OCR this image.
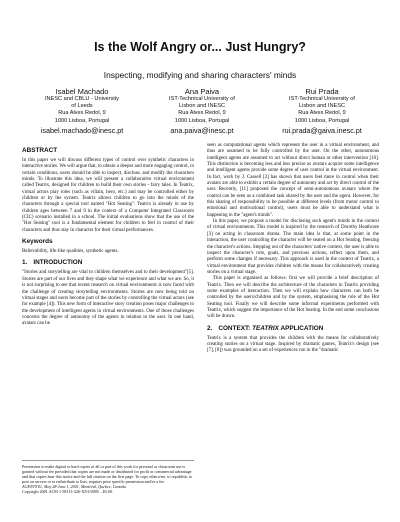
Is the Wolf Angry or... Just Hungry?
Inspecting, modifying and sharing characters' minds
Isabel Machado
INESC and CBLU - University
of Leeds
Rua Alves Redol, 9
1000 Lisboa, Portugal
isabel.machado@inesc.pt
Ana Paiva
IST-Technical University of
Lisbon and INESC
Rua Alves Redol, 9
1000 Lisboa, Portugal
ana.paiva@inesc.pt
Rui Prada
IST-Technical University of
Lisbon and INESC
Rua Alves Redol, 9
1000 Lisboa, Portugal
rui.prada@gaiva.inesc.pt
ABSTRACT

In this paper we will discuss different types of control over synthetic characters in interactive stories. We will argue that, to obtain a deeper and more engaging control, in certain conditions, users should be able to inspect, disclose, and modify the characters minds. To illustrate this idea, we will present a collaborative virtual environment called Teatrix, designed for children to build their own stories - fairy tales. In Teatrix, virtual actors play roles (such as villain, hero, etc.) and may be controlled either by children or by the system. Teatrix allows children to go into the minds of the characters through a special tool named "Hot Seating". Teatrix is already in use by children ages between 7 and 9 in the context of a Computer Integrated Classroom (CIC) scenario installed in a school. The initial evaluations show that the use of the "Hot Seating" tool is a fundamental element for children to feel in control of their characters and thus stay in character for their virtual performances.

Keywords

Believability, life-like qualities, synthetic agents.

1. INTRODUCTION

"Stories and storytelling are vital to children themselves and to their development"[5]. Stories are part of our lives and they shape what we experience and what we are. So, it is not surprising to see that recent research on virtual environments is now faced with the challenge of creating storytelling environments. Stories are now being told on virtual stages and users become part of the stories by controlling the virtual actors (see for example [4]). This new form of interactive story creation poses major challenges to the development of intelligent agents in virtual environments. One of those challenges concerns the degree of autonomy of the agents in relation to the user. In one hand, avatars can be

Permission to make digital or hard copies of all or part of this work for personal or classroom use is granted without fee provided that copies are not made or distributed for profit or commercial advantage and that copies bear this notice and the full citation on the first page. To copy otherwise, to republish, to post on servers or to redistribute to lists, requires prior specific permission and/or a fee.

AGENTS'01, May 28-June 1, 2001, Montréal, Quebec, Canada.

Copyright 2001 ACM 1-58113-326-X/01/0005 ...$5.00.

seen as computational agents which represent the user in a virtual environment, and thus are assumed to be fully controlled by the user. On the other, autonomous intelligent agents are assumed to act without direct human or other intervention [10]. This distinction is becoming less and less precise as avatars acquire some intelligence and intelligent agents provide some degree of user control in the virtual environment. In fact, work by J. Cassell [2] has shown that users feel more in control when their avatars are able to exhibit a certain degree of autonomy and act by direct control of the user. Recently, [11] proposed the concept of semi-autonomous avatars where the control can be seen as a combined task shared by the user and the agent. However, for this sharing of responsibility to be possible at different levels (from motor control to emotional and motivational control), users must be able to understand what is happening in the "agent's minds".

In this paper, we propose a model for disclosing such agent's minds in the context of virtual environments. This model is inspired by the research of Dorothy Heathcote [3] on acting in classroom drama. The main idea is that, at some point in the interaction, the user controlling the character will be seated on a Hot Seating, freezing the character's actions. Stepping out of the characters' native context, the user is able to inspect the character's role, goals, and previous actions, reflect upon them, and perform some changes if necessary. This approach is used in the context of Teatrix, a virtual environment that provides children with the means for collaboratively creating stories on a virtual stage.

This paper is organised as follows: first we will provide a brief description of Teatrix. Then we will describe the architecture of the characters in Teatrix providing some examples of interaction. Then we will explain how characters can both be controlled by the users/children and by the system, emphasising the role of the Hot Seating tool. Finally we will describe some informal experiments performed with Teatrix, which suggest the importance of the Hot Seating. In the end some conclusions will be drawn.

2. CONTEXT: TEATRIX APPLICATION

Teatrix is a system that provides the children with the means for collaboratively creating stories on a virtual stage. Inspired by dramatic games, Teatrix's design (see [7], [8]) was grounded on a set of experiences run in the "dramatic
